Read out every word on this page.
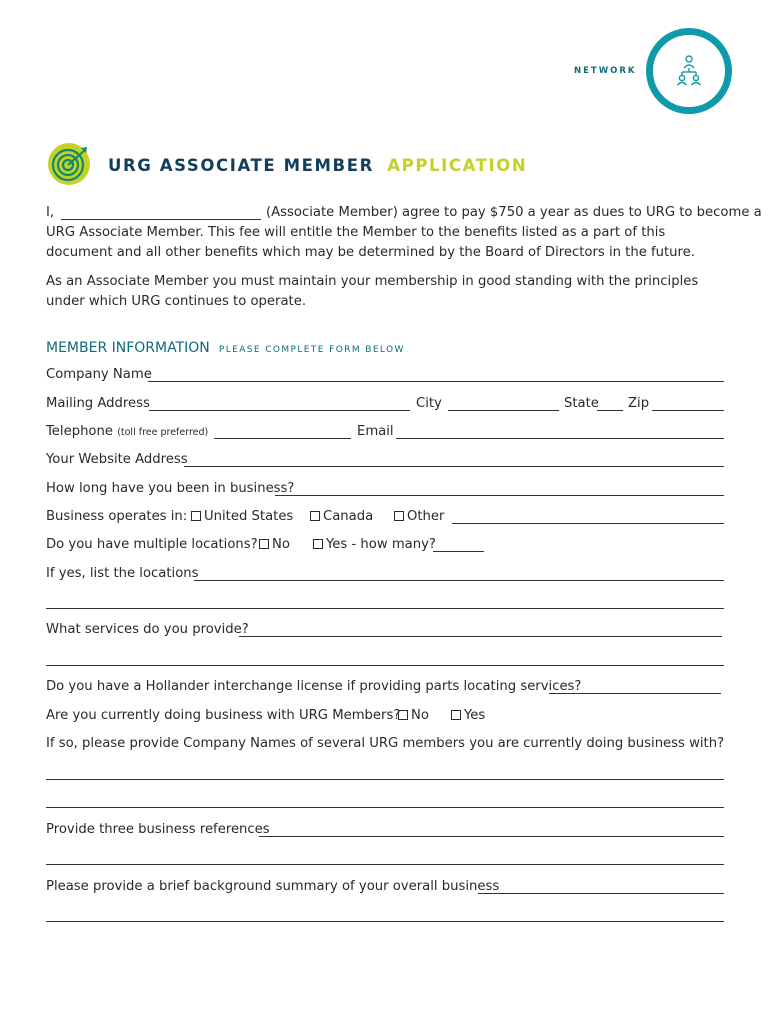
NETWORK
URG ASSOCIATE MEMBER APPLICATION
I,	(Associate Member) agree to pay $750 a year as dues to URG to become a

URG Associate Member. This fee will entitle the Member to the benefits listed as a part of this document and all other benefits which may be determined by the Board of Directors in the future.

As an Associate Member you must maintain your membership in good standing with the principles under which URG continues to operate.

MEMBER INFORMATION PLEASE COMPLETE FORM BELOW
Company Name
Mailing Address	City	State Zip
Telephone (toll free preferred)	Email
Your Website Address
How long have you been in business?
Business operates in:	United States	Canada	Other
Do you have multiple locations?	No	Yes - how many?
If yes, list the locations
What services do you provide?
Do you have a Hollander interchange license if providing parts locating services?
Are you currently doing business with URG Members? No	Yes
If so, please provide Company Names of several URG members you are currently doing business with?
Provide three business references
Please provide a brief background summary of your overall business
